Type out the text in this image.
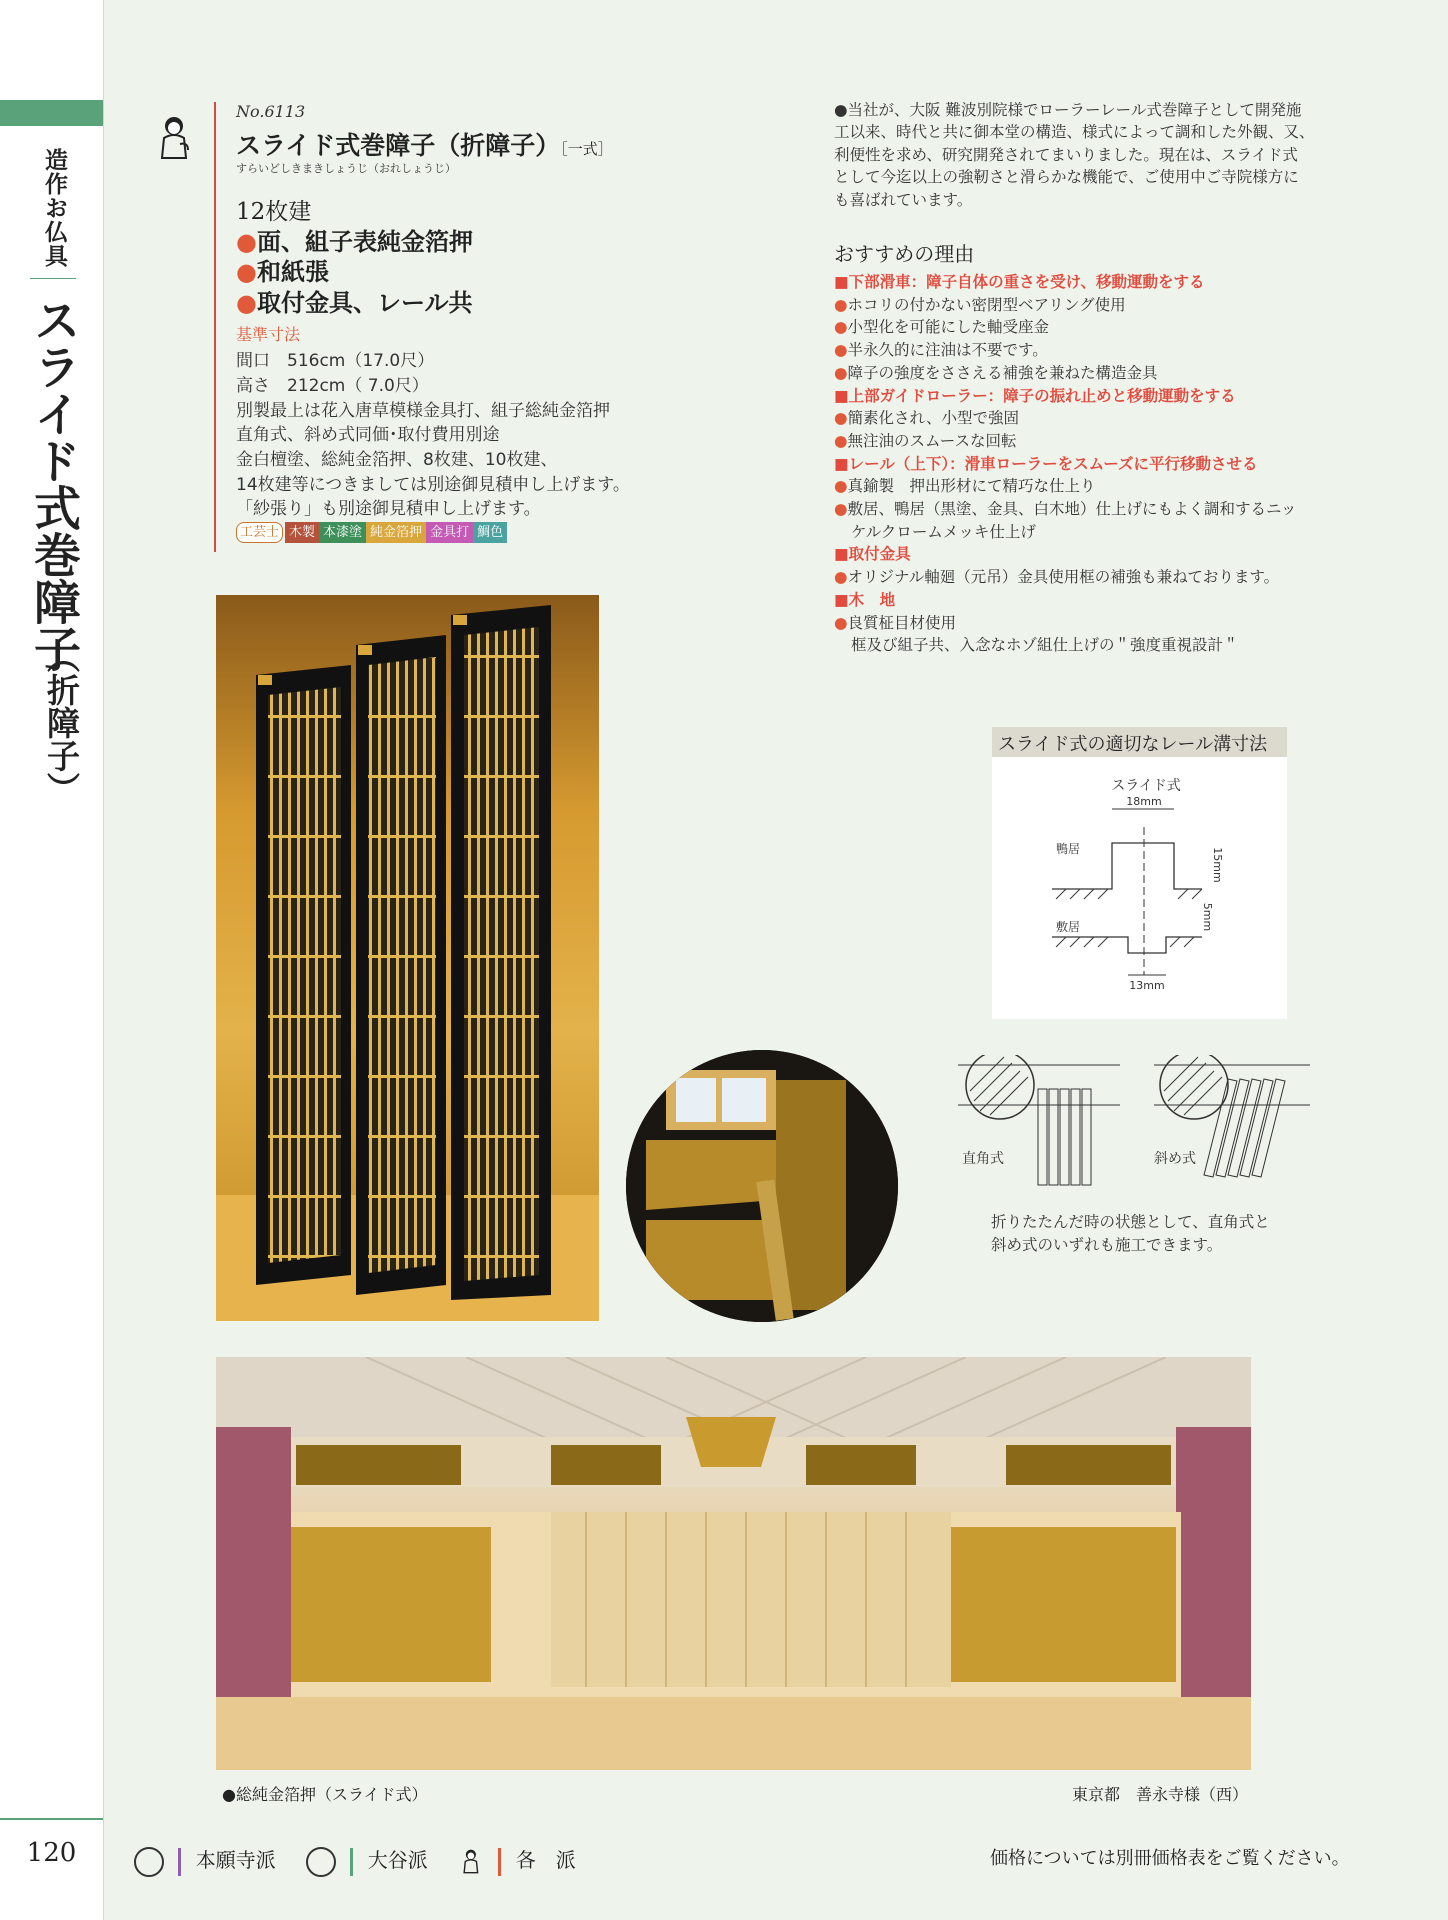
造作お仏具
スライド式巻障子
（折障子）
120
No.6113
スライド式巻障子（折障子）［一式］
すらいどしきまきしょうじ（おれしょうじ）
12枚建
●面、組子表純金箔押
●和紙張
●取付金具、レール共
基準寸法
間口　516cm（17.0尺）
高さ　212cm（ 7.0尺）
別製最上は花入唐草模様金具打、組子総純金箔押
直角式、斜め式同価･取付費用別途
金白檀塗、総純金箔押、8枚建、10枚建、
14枚建等につきましては別途御見積申し上げます。
「紗張り」も別途御見積申し上げます。
工芸士 木製 本漆塗 純金箔押 金具打 鯛色
●当社が、大阪 難波別院様でローラーレール式巻障子として開発施
工以来、時代と共に御本堂の構造、様式によって調和した外観、又、
利便性を求め、研究開発されてまいりました。現在は、スライド式
として今迄以上の強靭さと滑らかな機能で、ご使用中ご寺院様方に
も喜ばれています。
おすすめの理由
■下部滑車：障子自体の重さを受け、移動運動をする
●ホコリの付かない密閉型ベアリング使用
●小型化を可能にした軸受座金
●半永久的に注油は不要です。
●障子の強度をささえる補強を兼ねた構造金具
■上部ガイドローラー：障子の振れ止めと移動運動をする
●簡素化され、小型で強固
●無注油のスムースな回転
■レール（上下）：滑車ローラーをスムーズに平行移動させる
●真鍮製　押出形材にて精巧な仕上り
●敷居、鴨居（黒塗、金具、白木地）仕上げにもよく調和するニッ
ケルクロームメッキ仕上げ
■取付金具
●オリジナル軸廻（元吊）金具使用框の補強も兼ねております。
■木　地
●良質柾目材使用
框及び組子共、入念なホゾ組仕上げの＂強度重視設計＂
スライド式の適切なレール溝寸法
スライド式
18mm
鴨居	15mm
敷居	5mm
13mm
直角式	斜め式
折りたたんだ時の状態として、直角式と
斜め式のいずれも施工できます。
●総純金箔押（スライド式）	東京都　善永寺様（西）
本願寺派	大谷派	各　派	価格については別冊価格表をご覧ください。
